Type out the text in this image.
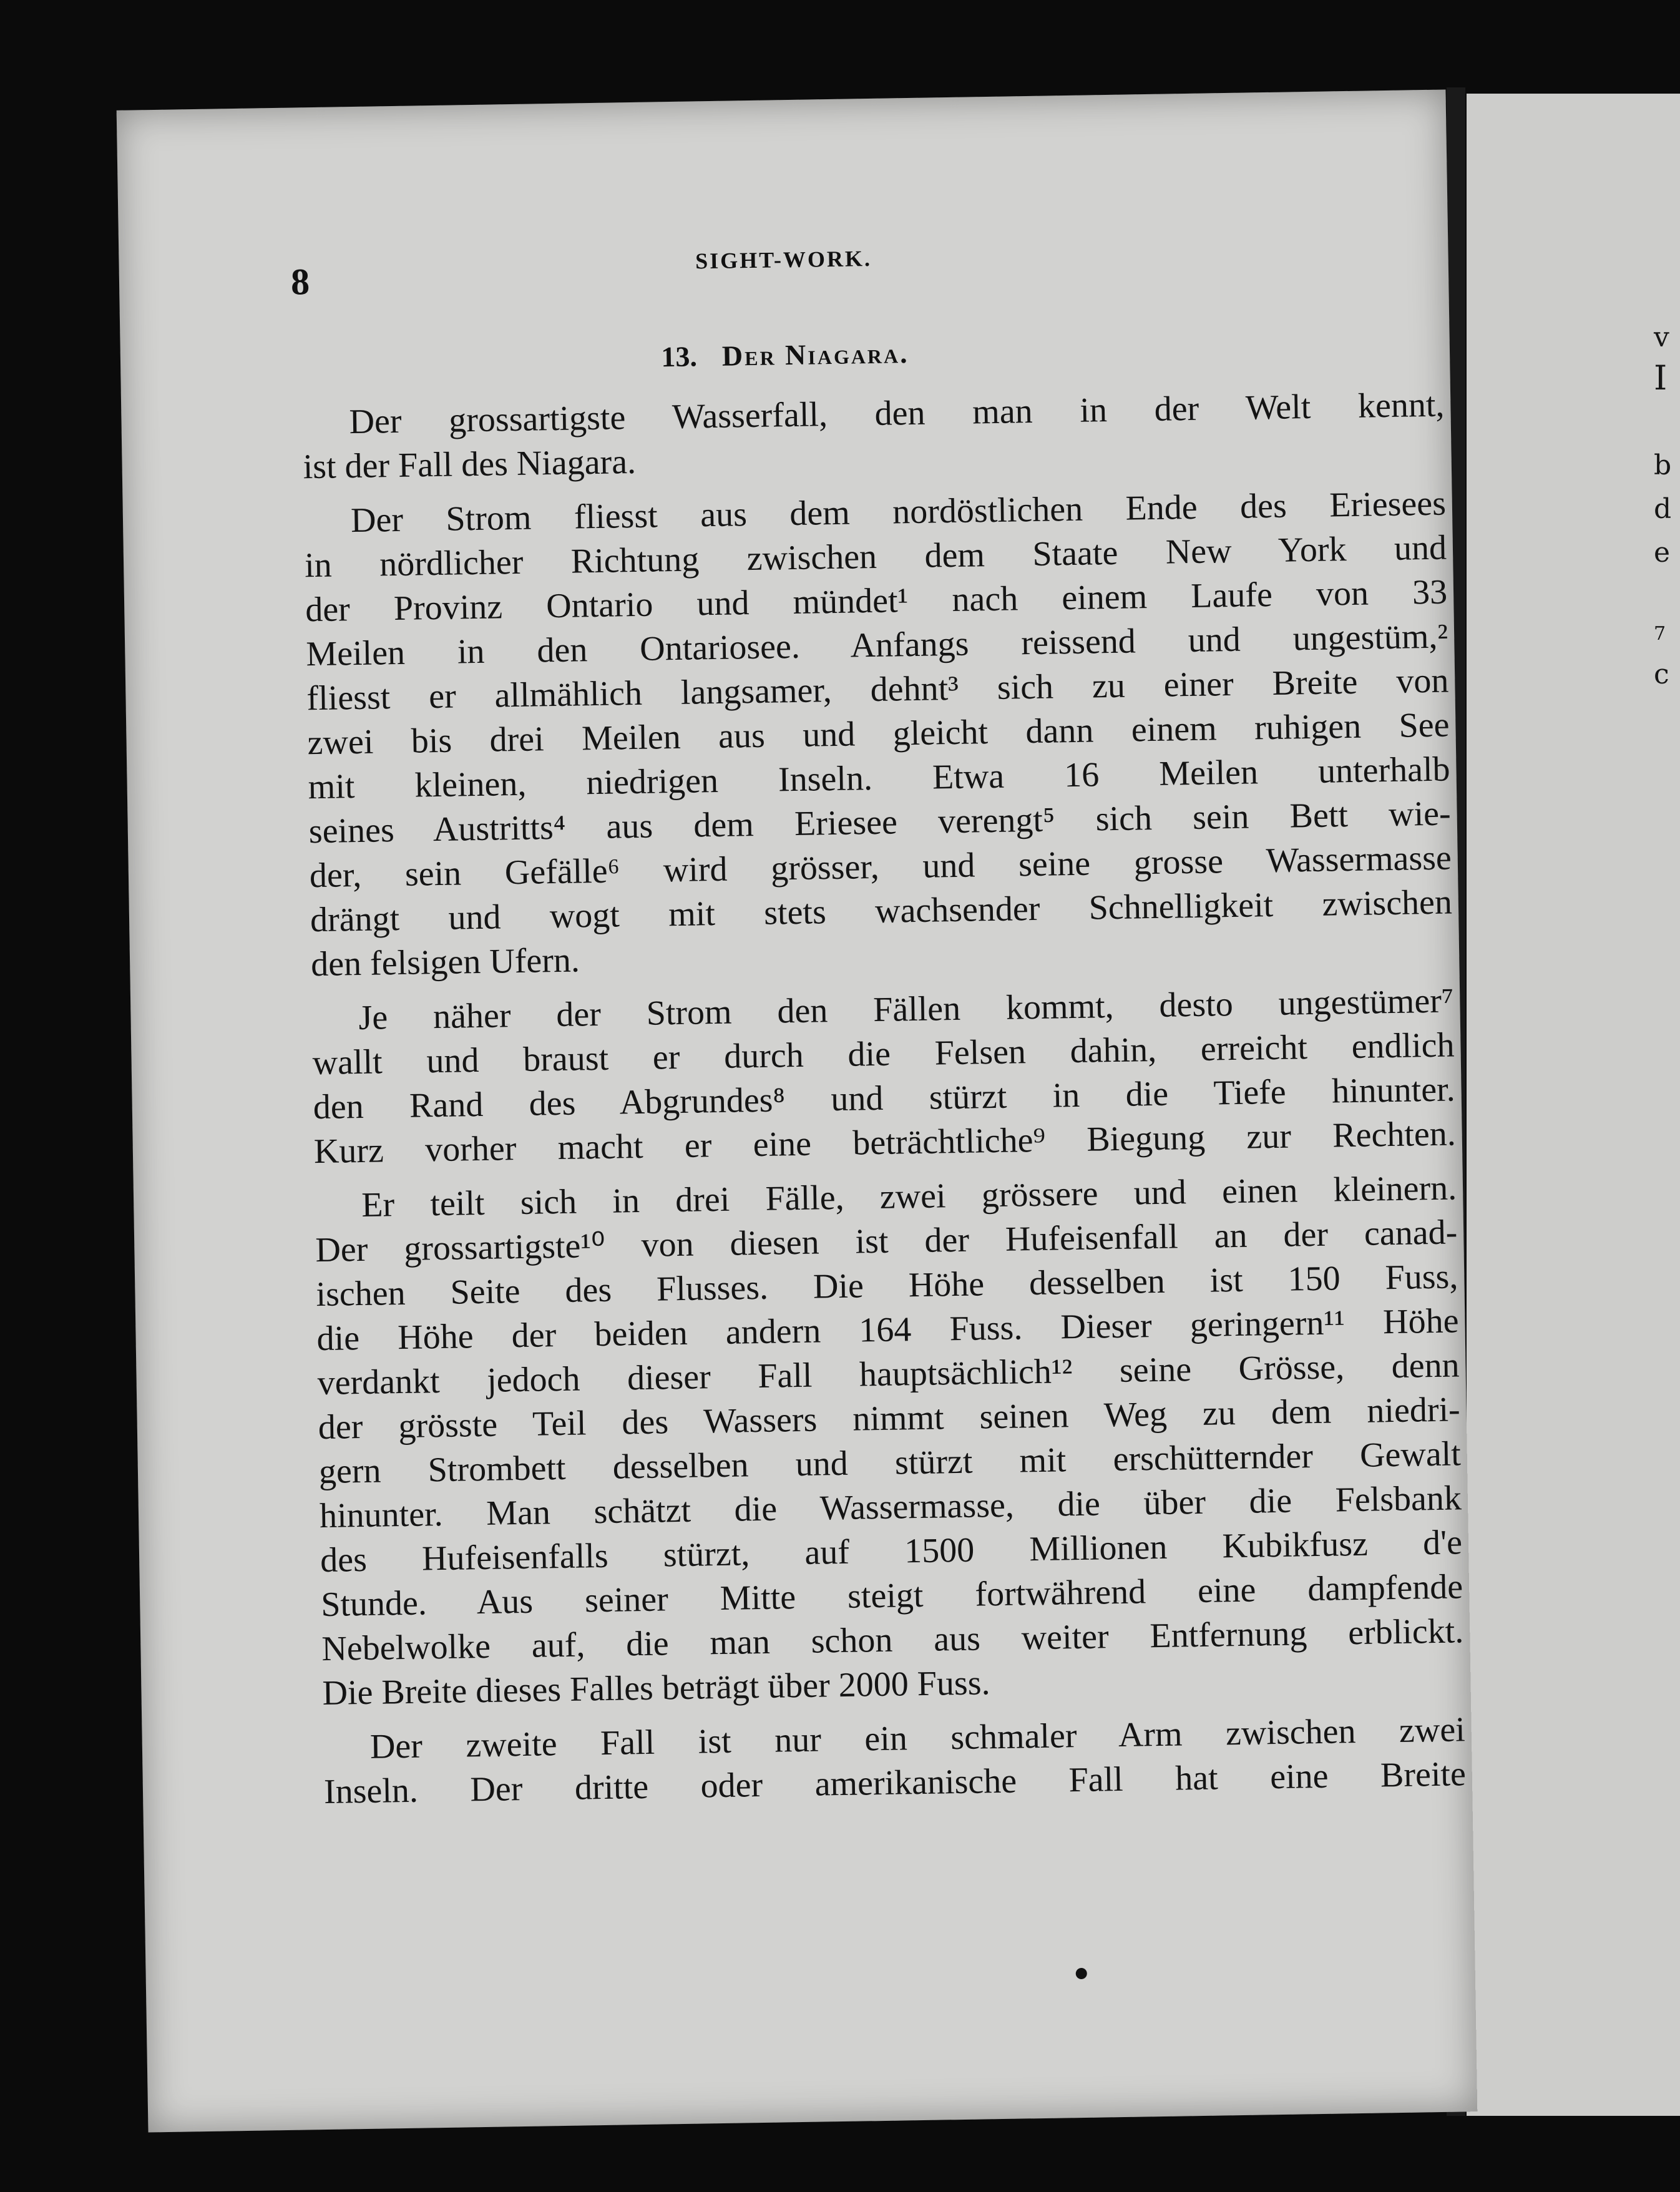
v
I
b
d
e
7
c
8
SIGHT-WORK.
13. Der Niagara.
Der grossartigste Wasserfall, den man in der Welt kennt,
ist der Fall des Niagara.
Der Strom fliesst aus dem nordöstlichen Ende des Eriesees
in nördlicher Richtung zwischen dem Staate New York und
der Provinz Ontario und mündet¹ nach einem Laufe von 33
Meilen in den Ontariosee. Anfangs reissend und ungestüm,²
fliesst er allmählich langsamer, dehnt³ sich zu einer Breite von
zwei bis drei Meilen aus und gleicht dann einem ruhigen See
mit kleinen, niedrigen Inseln. Etwa 16 Meilen unterhalb
seines Austritts⁴ aus dem Eriesee verengt⁵ sich sein Bett wie-
der, sein Gefälle⁶ wird grösser, und seine grosse Wassermasse
drängt und wogt mit stets wachsender Schnelligkeit zwischen
den felsigen Ufern.
Je näher der Strom den Fällen kommt, desto ungestümer⁷
wallt und braust er durch die Felsen dahin, erreicht endlich
den Rand des Abgrundes⁸ und stürzt in die Tiefe hinunter.
Kurz vorher macht er eine beträchtliche⁹ Biegung zur Rechten.
Er teilt sich in drei Fälle, zwei grössere und einen kleinern.
Der grossartigste¹⁰ von diesen ist der Hufeisenfall an der canad-
ischen Seite des Flusses. Die Höhe desselben ist 150 Fuss,
die Höhe der beiden andern 164 Fuss. Dieser geringern¹¹ Höhe
verdankt jedoch dieser Fall hauptsächlich¹² seine Grösse, denn
der grösste Teil des Wassers nimmt seinen Weg zu dem niedri-
gern Strombett desselben und stürzt mit erschütternder Gewalt
hinunter. Man schätzt die Wassermasse, die über die Felsbank
des Hufeisenfalls stürzt, auf 1500 Millionen Kubikfusz d'e
Stunde. Aus seiner Mitte steigt fortwährend eine dampfende
Nebelwolke auf, die man schon aus weiter Entfernung erblickt.
Die Breite dieses Falles beträgt über 2000 Fuss.
Der zweite Fall ist nur ein schmaler Arm zwischen zwei
Inseln. Der dritte oder amerikanische Fall hat eine Breite
